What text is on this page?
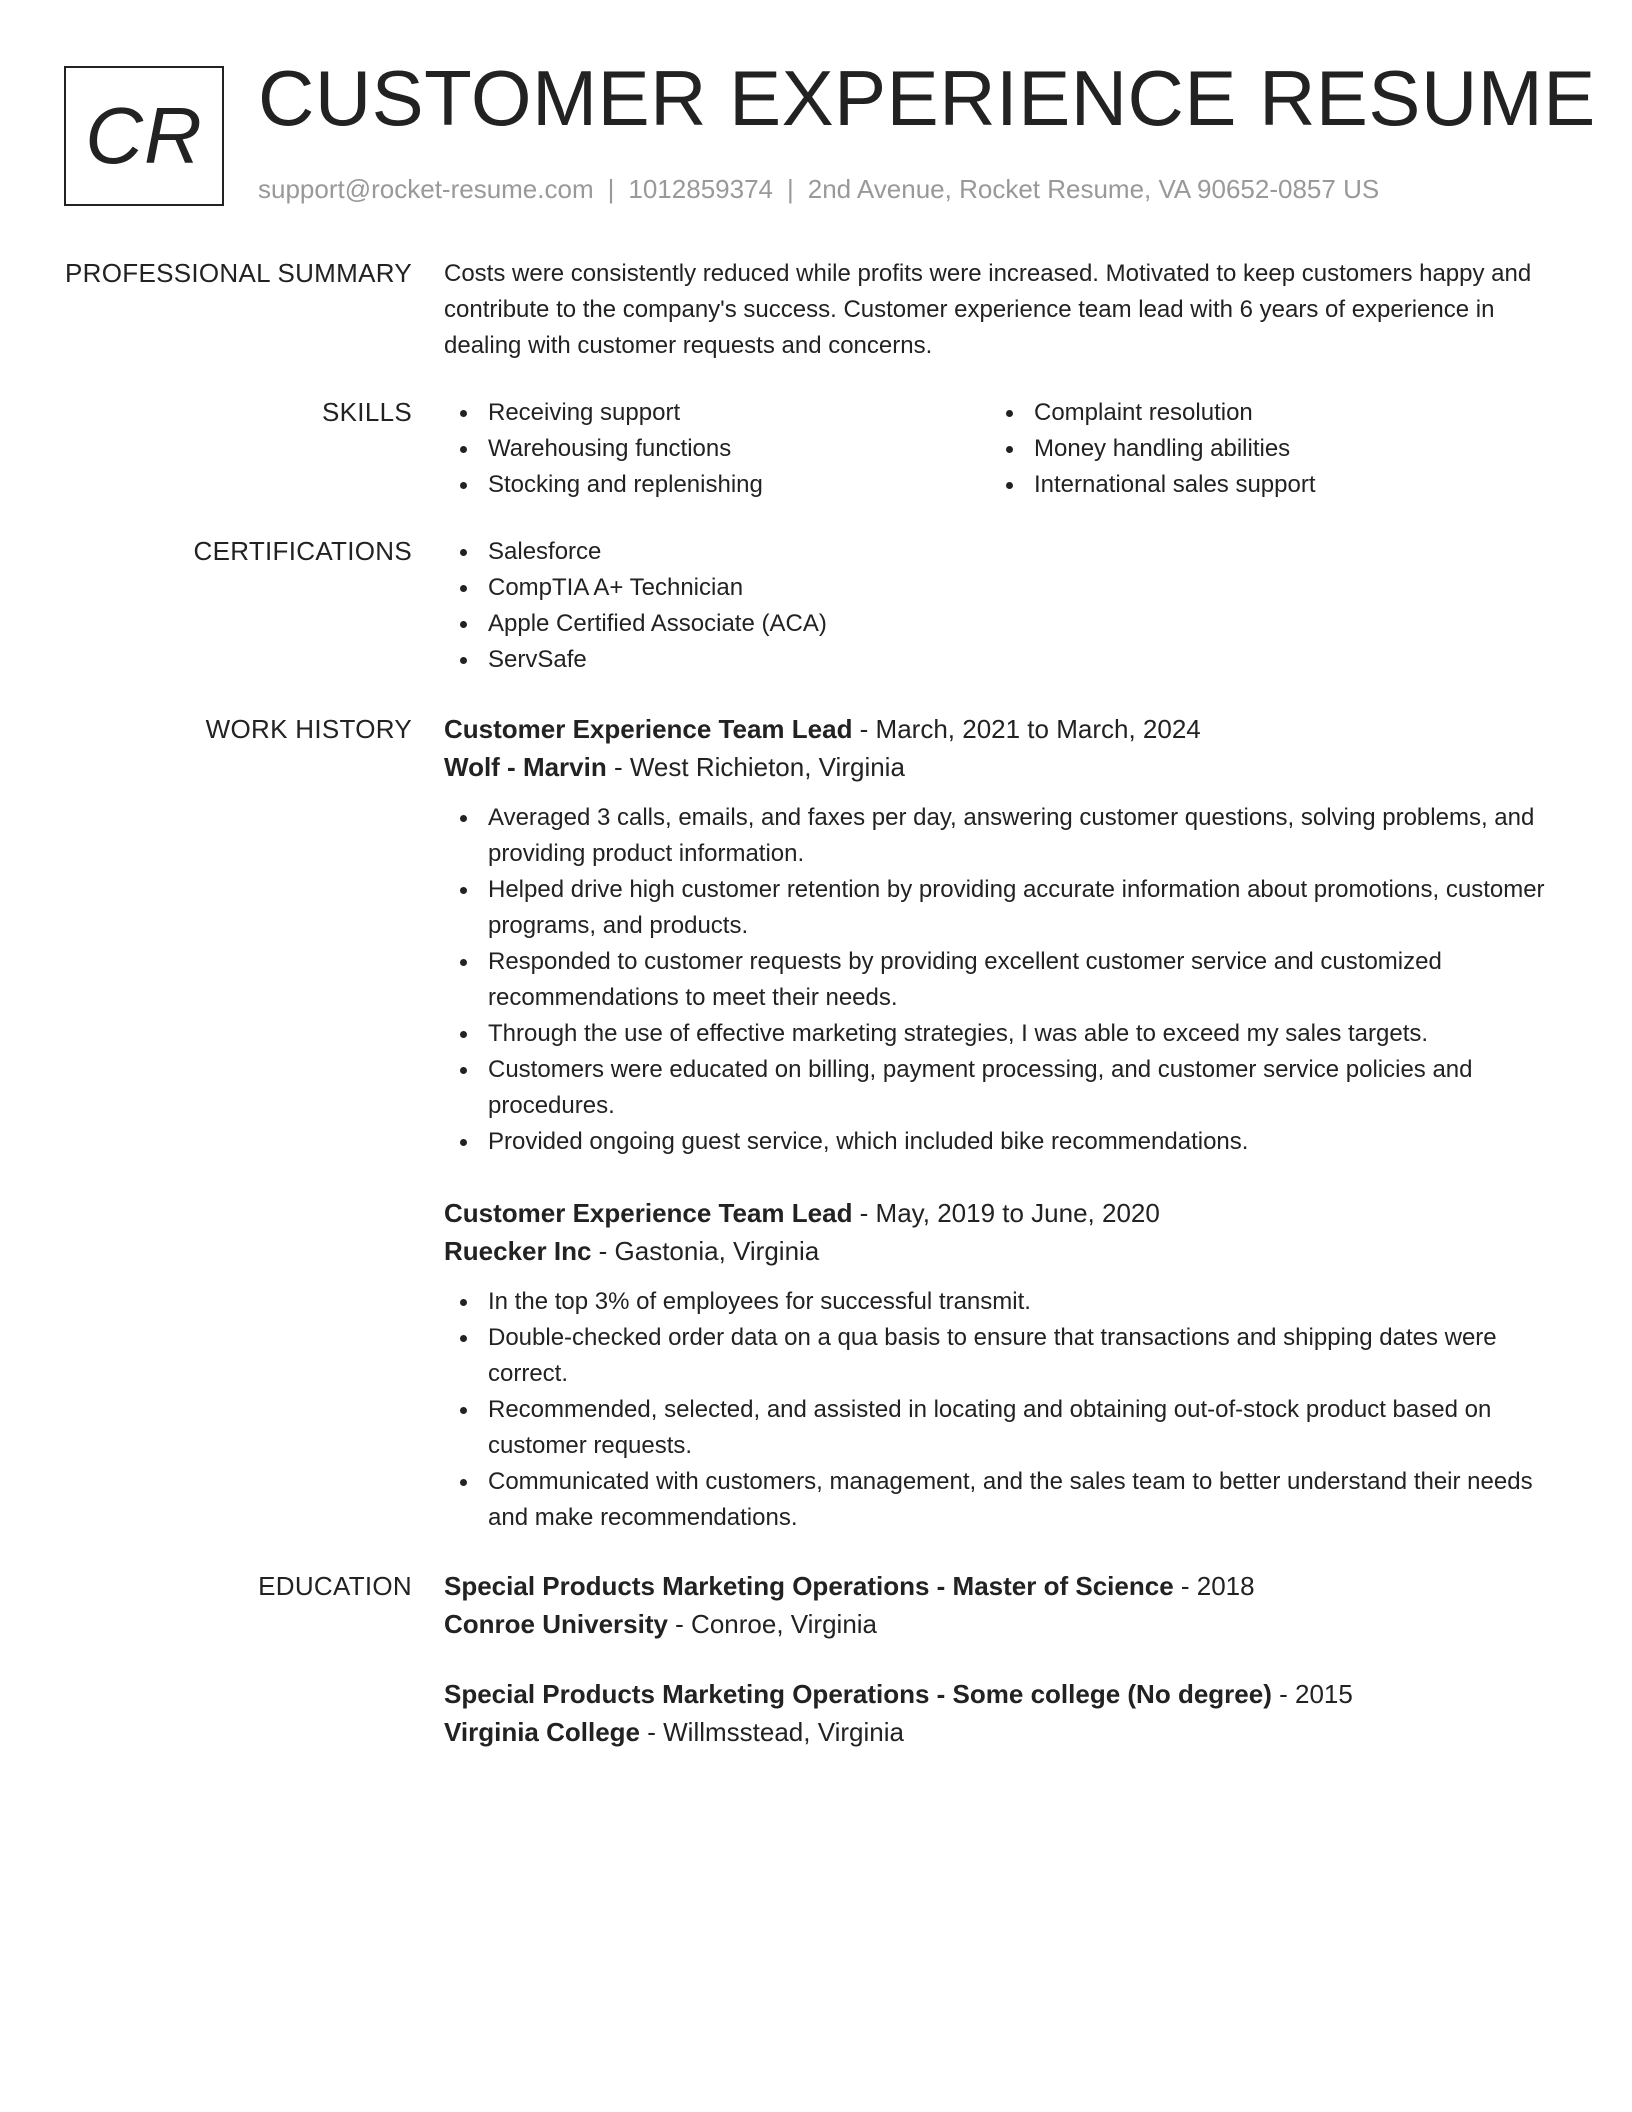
CR CUSTOMER EXPERIENCE RESUME
support@rocket-resume.com | 1012859374 | 2nd Avenue, Rocket Resume, VA 90652-0857 US
PROFESSIONAL SUMMARY Costs were consistently reduced while profits were increased. Motivated to keep customers happy and contribute to the company's success. Customer experience team lead with 6 years of experience in dealing with customer requests and concerns.

SKILLS	Receiving support
Warehousing functions
Stocking and replenishing
Complaint resolution
Money handling abilities
International sales support
CERTIFICATIONS	Salesforce
CompTIA A+ Technician
Apple Certified Associate (ACA)
ServSafe
WORK HISTORY Customer Experience Team Lead - March, 2021 to March, 2024
Wolf - Marvin - West Richieton, Virginia
Averaged 3 calls, emails, and faxes per day, answering customer questions, solving problems, and providing product information.
Helped drive high customer retention by providing accurate information about promotions, customer programs, and products.
Responded to customer requests by providing excellent customer service and customized recommendations to meet their needs.
Through the use of effective marketing strategies, I was able to exceed my sales targets.
Customers were educated on billing, payment processing, and customer service policies and procedures.
Provided ongoing guest service, which included bike recommendations.
Customer Experience Team Lead - May, 2019 to June, 2020
Ruecker Inc - Gastonia, Virginia
In the top 3% of employees for successful transmit.
Double-checked order data on a qua basis to ensure that transactions and shipping dates were correct.
Recommended, selected, and assisted in locating and obtaining out-of-stock product based on customer requests.
Communicated with customers, management, and the sales team to better understand their needs and make recommendations.
EDUCATION Special Products Marketing Operations - Master of Science - 2018
Conroe University - Conroe, Virginia
Special Products Marketing Operations - Some college (No degree) - 2015
Virginia College - Willmsstead, Virginia
